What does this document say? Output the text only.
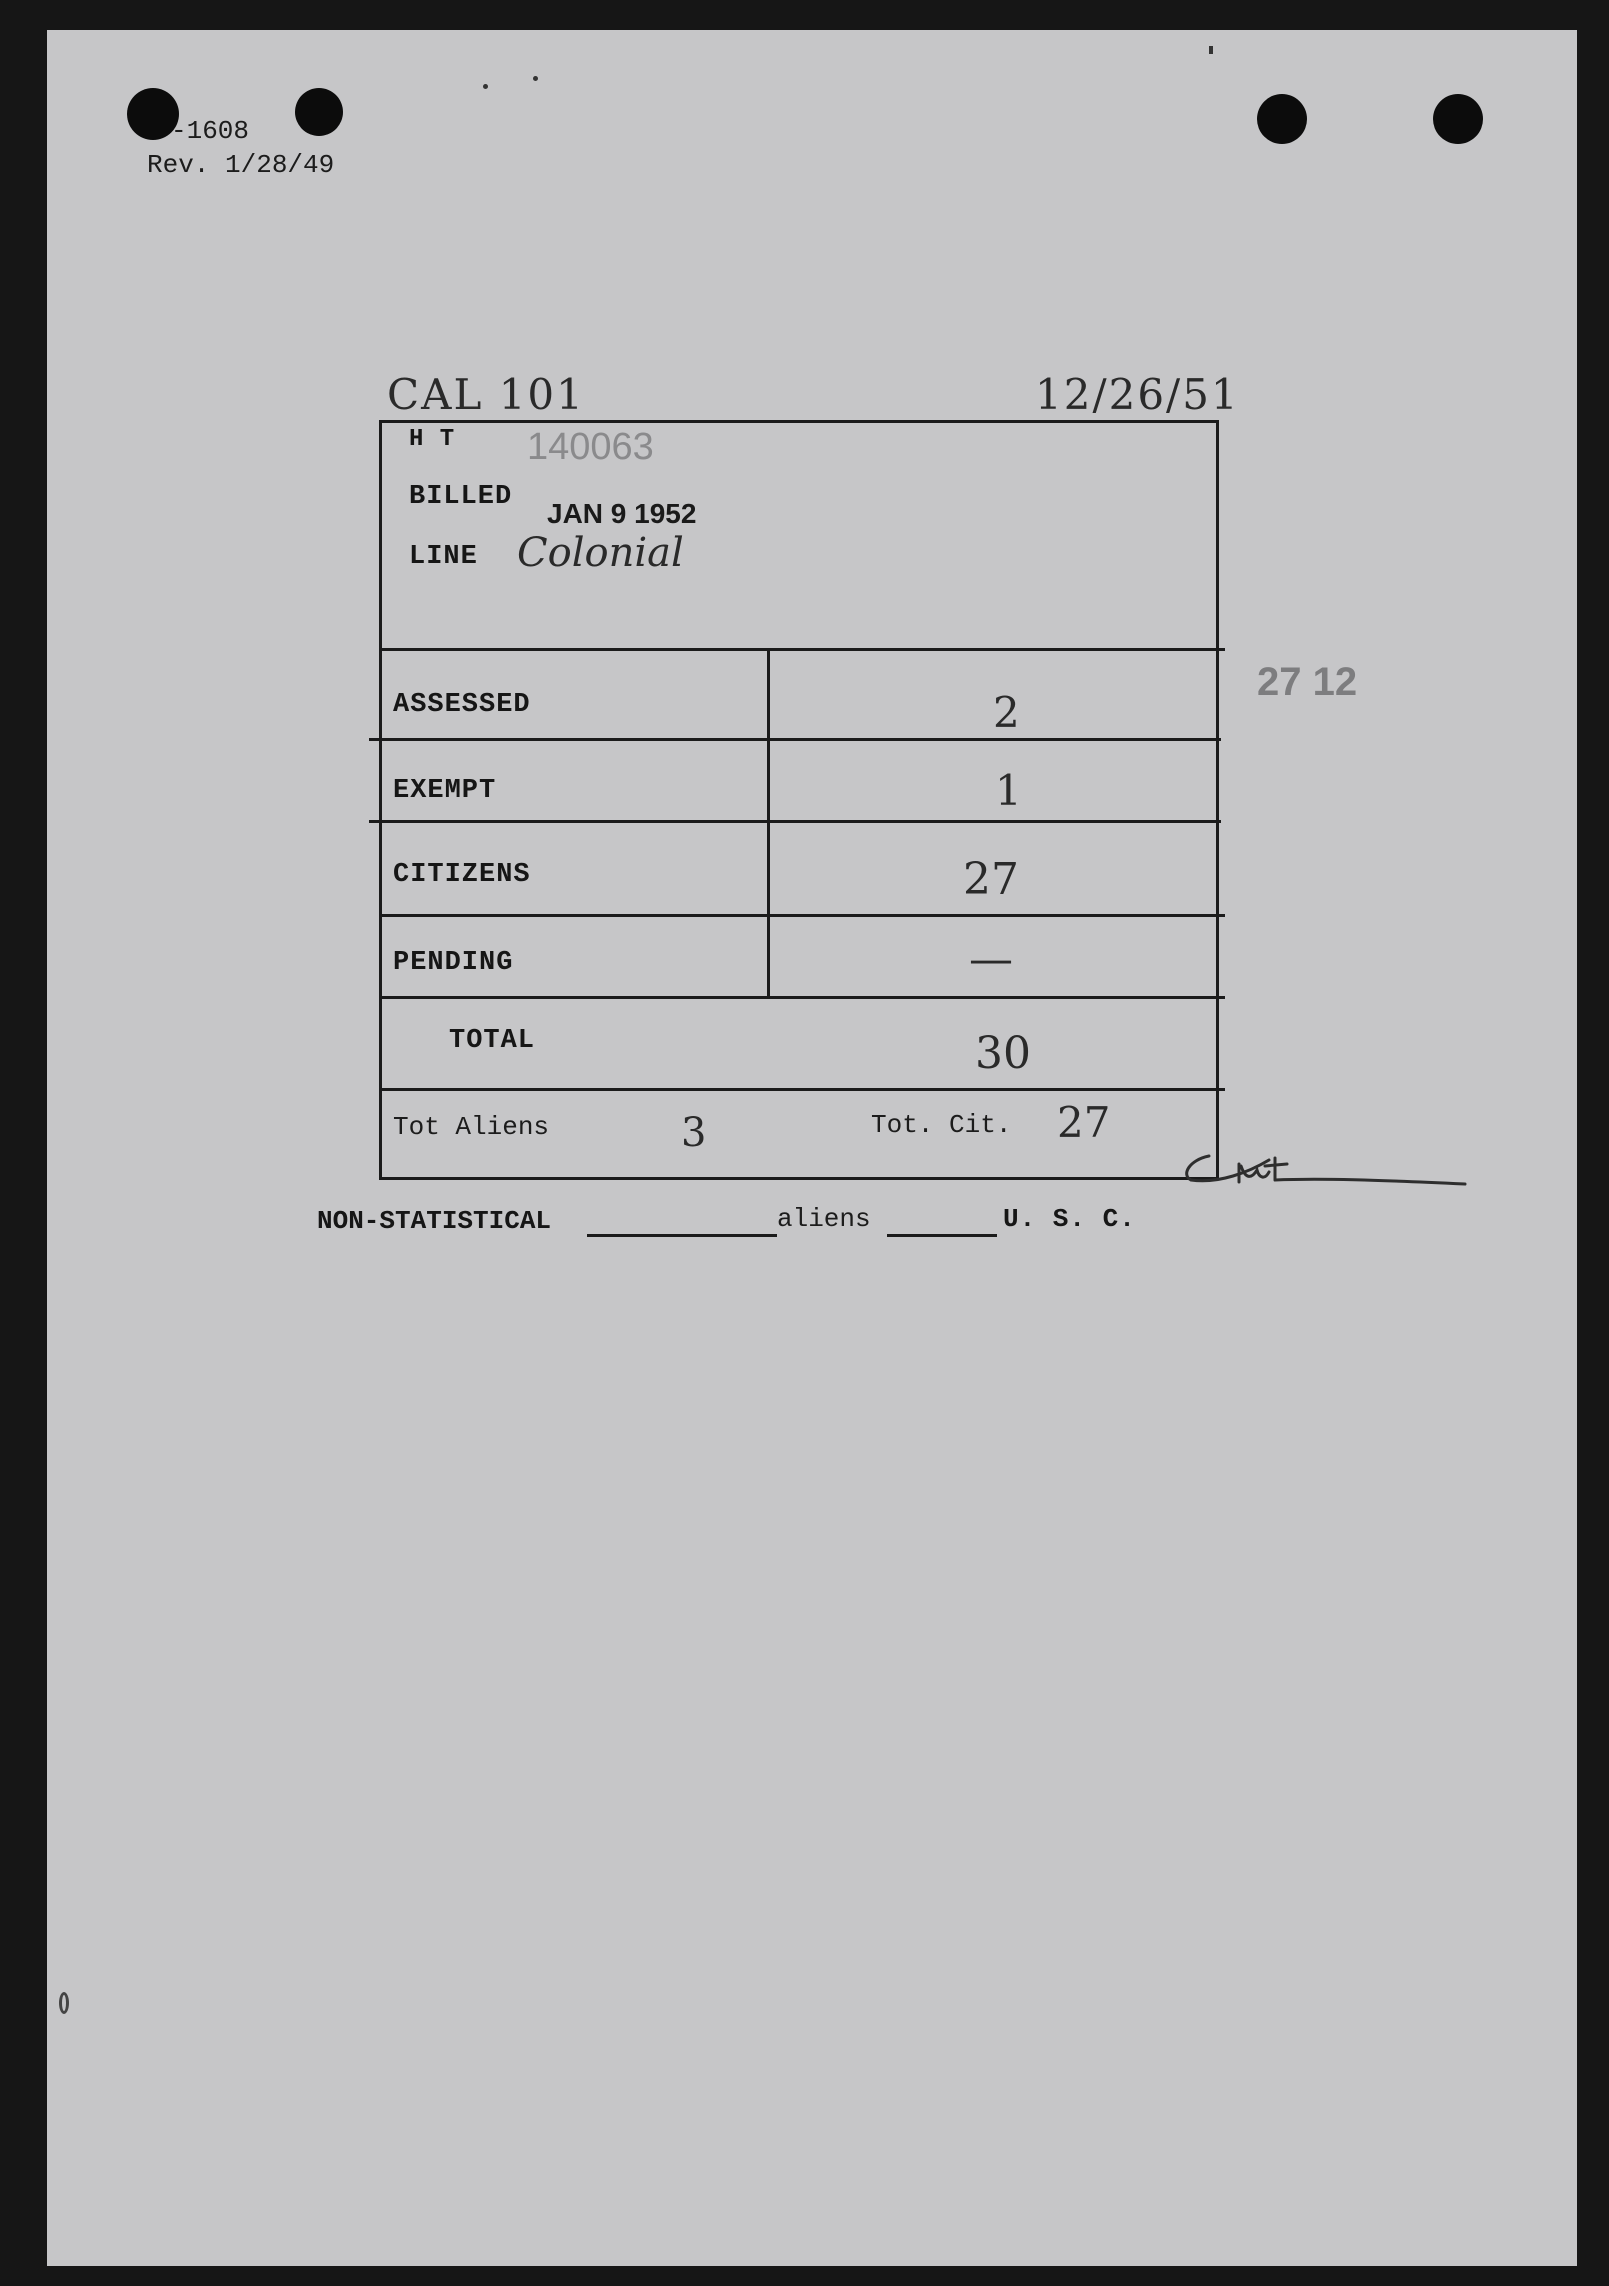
-1608
Rev. 1/28/49
CAL 101	12/26/51
27 12
H T 140063
BILLED
JAN 9 1952
LINE Colonial
ASSESSED	2
EXEMPT	1
CITIZENS	27
PENDING	—
TOTAL	30
Tot Aliens	3	Tot. Cit. 27
NON-STATISTICAL	aliens	U. S. C.
